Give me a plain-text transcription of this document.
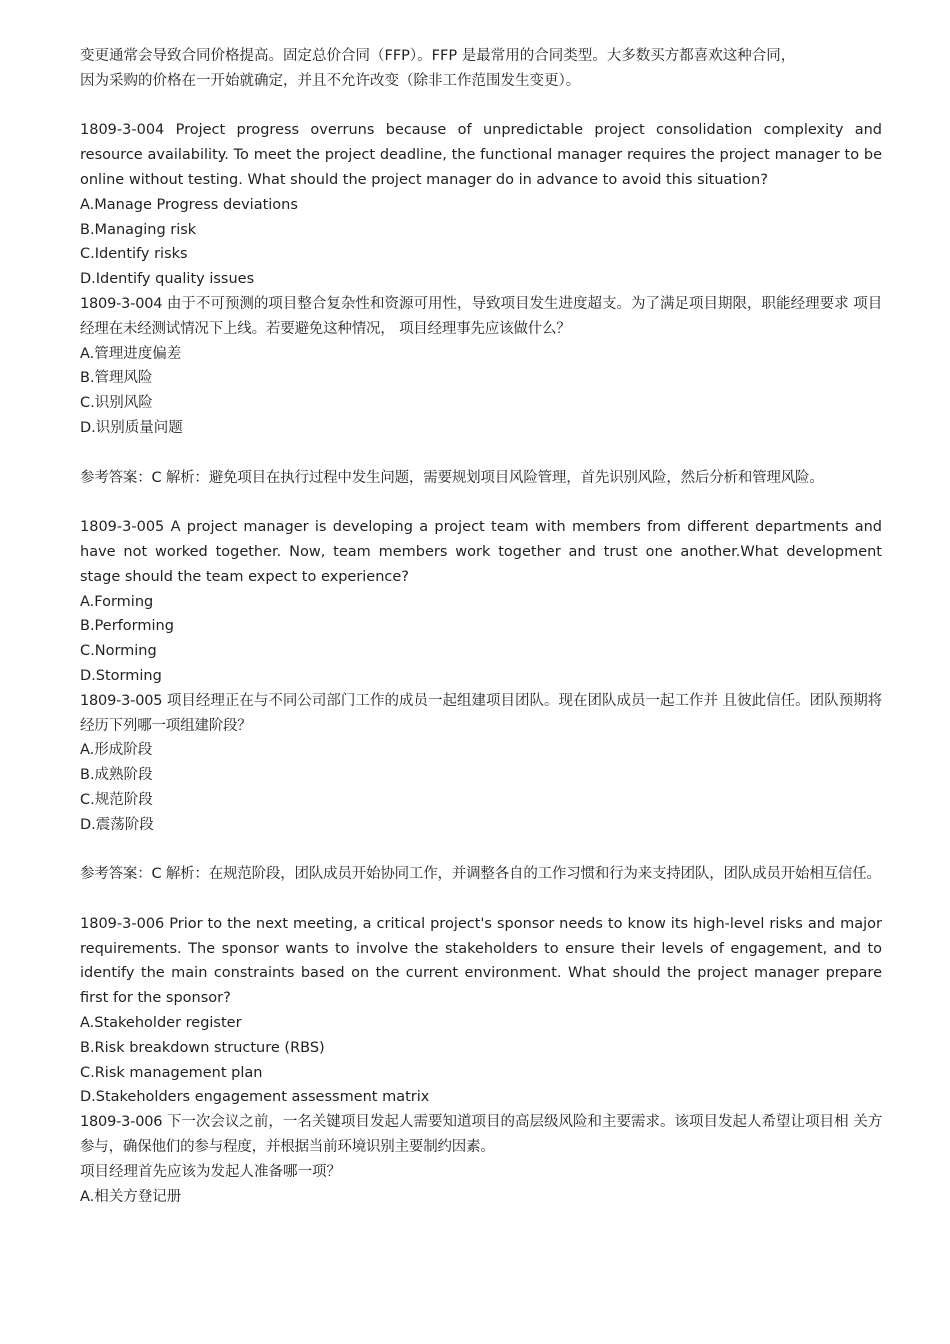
变更通常会导致合同价格提高。固定总价合同（FFP）。FFP 是最常用的合同类型。大多数买方都喜欢这种合同，

因为采购的价格在一开始就确定，并且不允许改变（除非工作范围发生变更）。

1809-3-004 Project progress overruns because of unpredictable project consolidation complexity and resource availability. To meet the project deadline, the functional manager requires the project manager to be online without testing. What should the project manager do in advance to avoid this situation?

A.Manage Progress deviations

B.Managing risk

C.Identify risks

D.Identify quality issues

1809-3-004 由于不可预测的项目整合复杂性和资源可用性，导致项目发生进度超支。为了满足项目期限，职能经理要求 项目经理在未经测试情况下上线。若要避免这种情况， 项目经理事先应该做什么？

A.管理进度偏差

B.管理风险

C.识别风险

D.识别质量问题

参考答案：C 解析：避免项目在执行过程中发生问题，需要规划项目风险管理，首先识别风险，然后分析和管理风险。

1809-3-005 A project manager is developing a project team with members from different departments and have not worked together. Now, team members work together and trust one another.What development stage should the team expect to experience?

A.Forming

B.Performing

C.Norming

D.Storming

1809-3-005 项目经理正在与不同公司部门工作的成员一起组建项目团队。现在团队成员一起工作并 且彼此信任。团队预期将经历下列哪一项组建阶段？

A.形成阶段

B.成熟阶段

C.规范阶段

D.震荡阶段

参考答案：C 解析：在规范阶段，团队成员开始协同工作，并调整各自的工作习惯和行为来支持团队，团队成员开始相互信任。

1809-3-006 Prior to the next meeting, a critical project's sponsor needs to know its high-level risks and major requirements. The sponsor wants to involve the stakeholders to ensure their levels of engagement, and to identify the main constraints based on the current environment. What should the project manager prepare first for the sponsor?

A.Stakeholder register

B.Risk breakdown structure (RBS)

C.Risk management plan

D.Stakeholders engagement assessment matrix

1809-3-006 下一次会议之前，一名关键项目发起人需要知道项目的高层级风险和主要需求。该项目发起人希望让项目相 关方参与，确保他们的参与程度，并根据当前环境识别主要制约因素。

项目经理首先应该为发起人准备哪一项？

A.相关方登记册
